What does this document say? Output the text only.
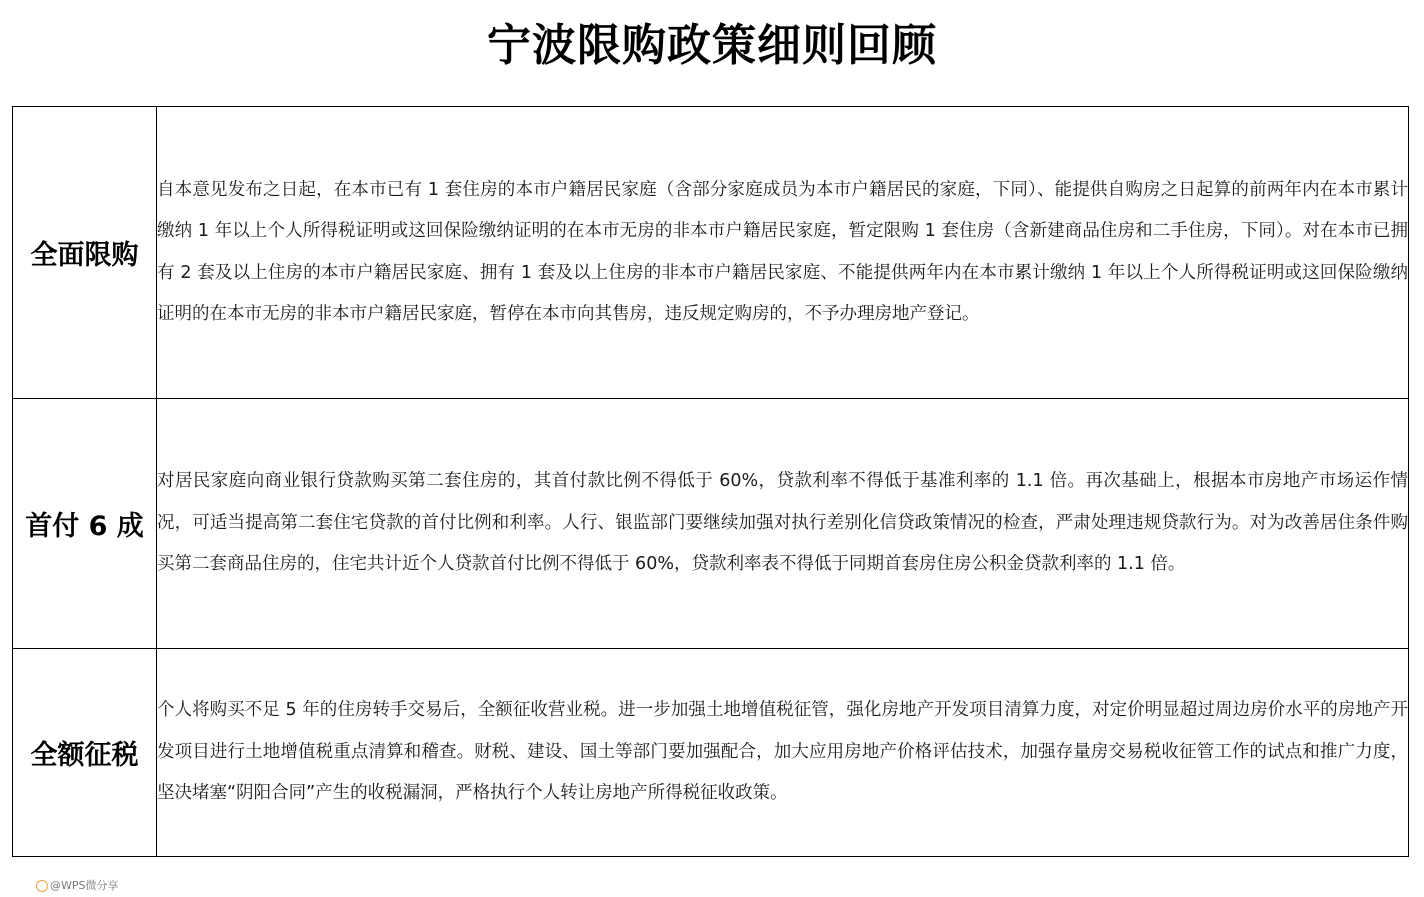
宁波限购政策细则回顾
全面限购	自本意见发布之日起，在本市已有 1 套住房的本市户籍居民家庭（含部分家庭成员为本市户籍居民的家庭，下同）、能提供自购房之日起算的前两年内在本市累计缴纳 1 年以上个人所得税证明或这回保险缴纳证明的在本市无房的非本市户籍居民家庭，暂定限购 1 套住房（含新建商品住房和二手住房，下同）。对在本市已拥有 2 套及以上住房的本市户籍居民家庭、拥有 1 套及以上住房的非本市户籍居民家庭、不能提供两年内在本市累计缴纳 1 年以上个人所得税证明或这回保险缴纳证明的在本市无房的非本市户籍居民家庭，暂停在本市向其售房，违反规定购房的，不予办理房地产登记。
首付 6 成	对居民家庭向商业银行贷款购买第二套住房的，其首付款比例不得低于 60%，贷款利率不得低于基准利率的 1.1 倍。再次基础上，根据本市房地产市场运作情况，可适当提高第二套住宅贷款的首付比例和利率。人行、银监部门要继续加强对执行差别化信贷政策情况的检查，严肃处理违规贷款行为。对为改善居住条件购买第二套商品住房的，住宅共计近个人贷款首付比例不得低于 60%，贷款利率表不得低于同期首套房住房公积金贷款利率的 1.1 倍。
全额征税	个人将购买不足 5 年的住房转手交易后，全额征收营业税。进一步加强土地增值税征管，强化房地产开发项目清算力度，对定价明显超过周边房价水平的房地产开发项目进行土地增值税重点清算和稽查。财税、建设、国土等部门要加强配合，加大应用房地产价格评估技术，加强存量房交易税收征管工作的试点和推广力度，坚决堵塞“阴阳合同”产生的收税漏洞，严格执行个人转让房地产所得税征收政策。
@WPS微分享
